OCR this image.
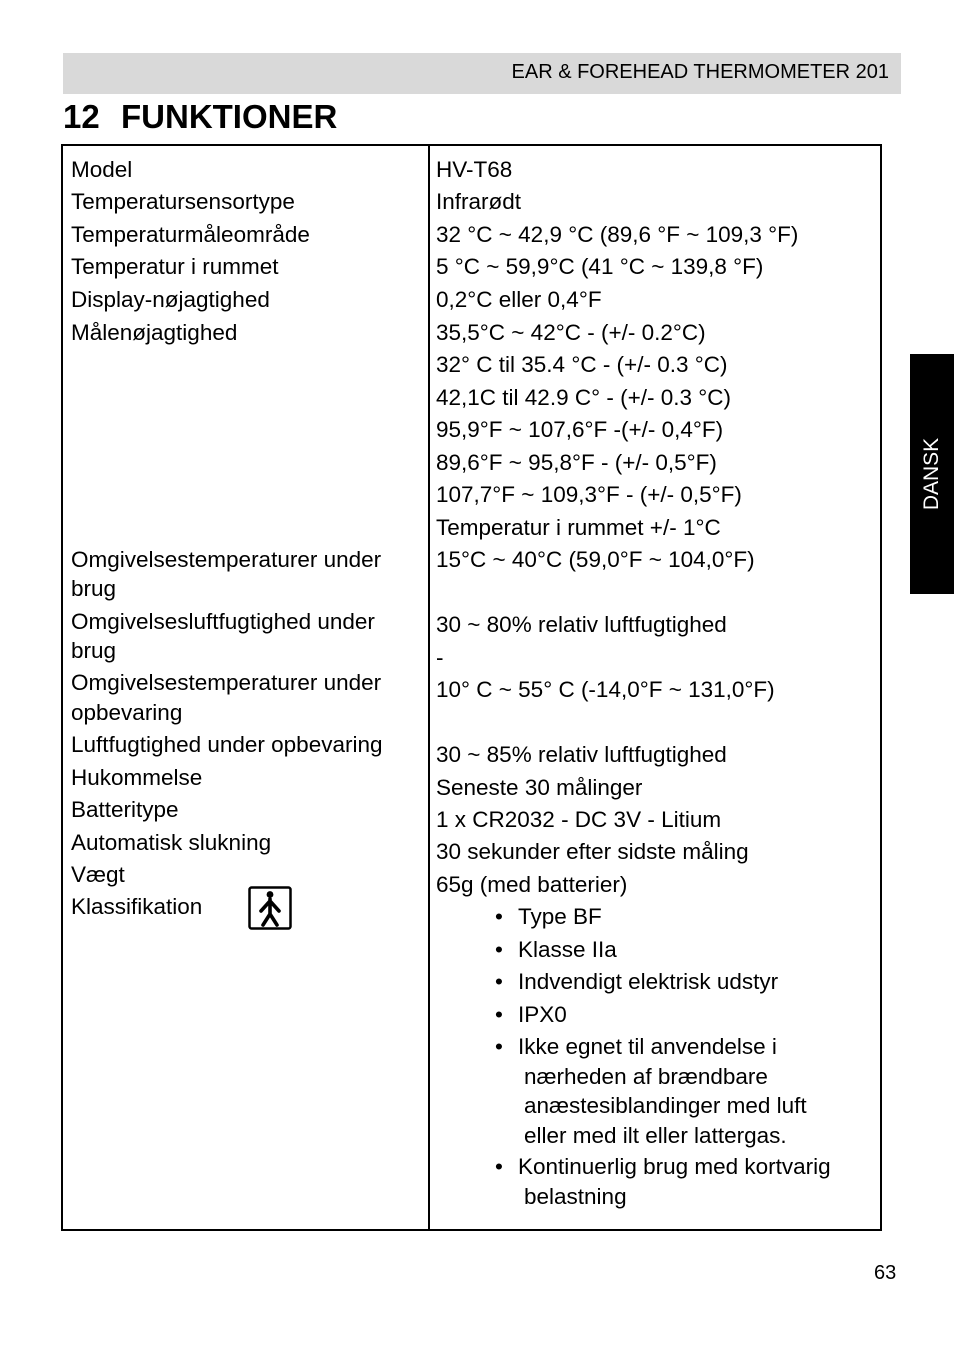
EAR & FOREHEAD THERMOMETER 201
12 FUNKTIONER
Model
Temperatursensortype
Temperaturmåleområde
Temperatur i rummet
Display-nøjagtighed
Målenøjagtighed
Omgivelsestemperaturer under
brug
Omgivelsesluftfugtighed under
brug
Omgivelsestemperaturer under
opbevaring
Luftfugtighed under opbevaring
Hukommelse
Batteritype
Automatisk slukning
Vægt
Klassifikation
HV-T68
Infrarødt
32 °C ~ 42,9 °C (89,6 °F ~ 109,3 °F)
5 °C ~ 59,9°C (41 °C ~ 139,8 °F)
0,2°C eller 0,4°F
35,5°C ~ 42°C - (+/- 0.2°C)
32° C til 35.4 °C - (+/- 0.3 °C)
42,1C til 42.9 C° - (+/- 0.3 °C)
95,9°F ~ 107,6°F -(+/- 0,4°F)
89,6°F ~ 95,8°F - (+/- 0,5°F)
107,7°F ~ 109,3°F - (+/- 0,5°F)
Temperatur i rummet +/- 1°C
15°C ~ 40°C (59,0°F ~ 104,0°F)
30 ~ 80% relativ luftfugtighed
-
10° C ~ 55° C (-14,0°F ~ 131,0°F)
30 ~ 85% relativ luftfugtighed
Seneste 30 målinger
1 x CR2032 - DC 3V - Litium
30 sekunder efter sidste måling
65g (med batterier)
• Type BF
• Klasse IIa
• Indvendigt elektrisk udstyr
• IPX0
• Ikke egnet til anvendelse i
nærheden af brændbare
anæstesiblandinger med luft
eller med ilt eller lattergas.
• Kontinuerlig brug med kortvarig
belastning
DANSK
63
